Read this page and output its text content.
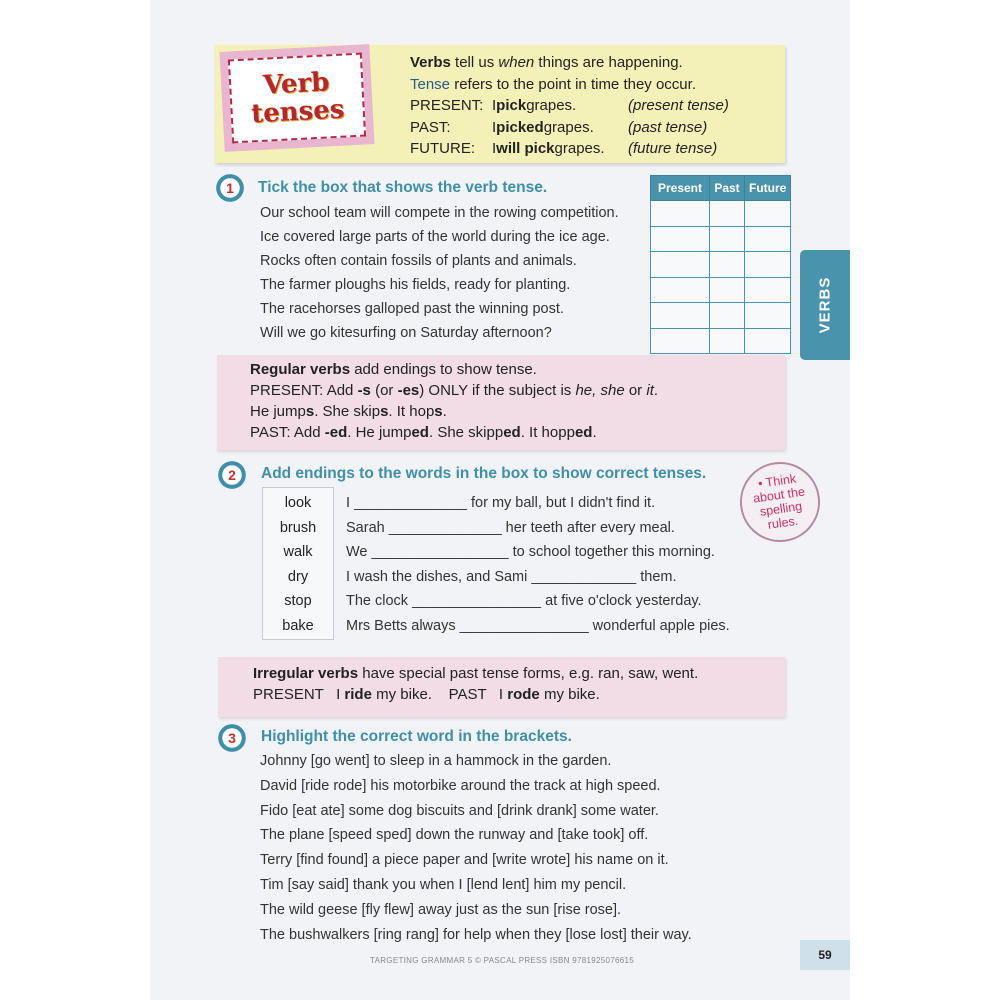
Verb
tenses
Verbs tell us when things are happening.
Tense refers to the point in time they occur.
PRESENT: Ipickgrapes.	(present tense)
PAST:	Ipickedgrapes. (past tense)
FUTURE: Iwill pickgrapes. (future tense)
1	Tick the box that shows the verb tense.
Our school team will compete in the rowing competition.
Ice covered large parts of the world during the ice age.
Rocks often contain fossils of plants and animals.
The farmer ploughs his fields, ready for planting.
The racehorses galloped past the winning post.
Will we go kitesurfing on Saturday afternoon?
Present	Past	Future

VERBS
Regular verbs add endings to show tense.
PRESENT: Add -s (or -es) ONLY if the subject is he, she or it.
He jumps. She skips. It hops.
PAST: Add -ed. He jumped. She skipped. It hopped.
2	Add endings to the words in the box to show correct tenses.
look
brush
walk
dry
stop
bake
I ______________ for my ball, but I didn't find it.
Sarah ______________ her teeth after every meal.
We _________________ to school together this morning.
I wash the dishes, and Sami _____________ them.
The clock ________________ at five o'clock yesterday.
Mrs Betts always ________________ wonderful apple pies.
• Think about the spelling rules.
Irregular verbs have special past tense forms, e.g. ran, saw, went.
PRESENT   I ride my bike.    PAST   I rode my bike.
3	Highlight the correct word in the brackets.
Johnny [go went] to sleep in a hammock in the garden.
David [ride rode] his motorbike around the track at high speed.
Fido [eat ate] some dog biscuits and [drink drank] some water.
The plane [speed sped] down the runway and [take took] off.
Terry [find found] a piece paper and [write wrote] his name on it.
Tim [say said] thank you when I [lend lent] him my pencil.
The wild geese [fly flew] away just as the sun [rise rose].
The bushwalkers [ring rang] for help when they [lose lost] their way.
TARGETING GRAMMAR 5 © PASCAL PRESS ISBN 9781925076615	59
